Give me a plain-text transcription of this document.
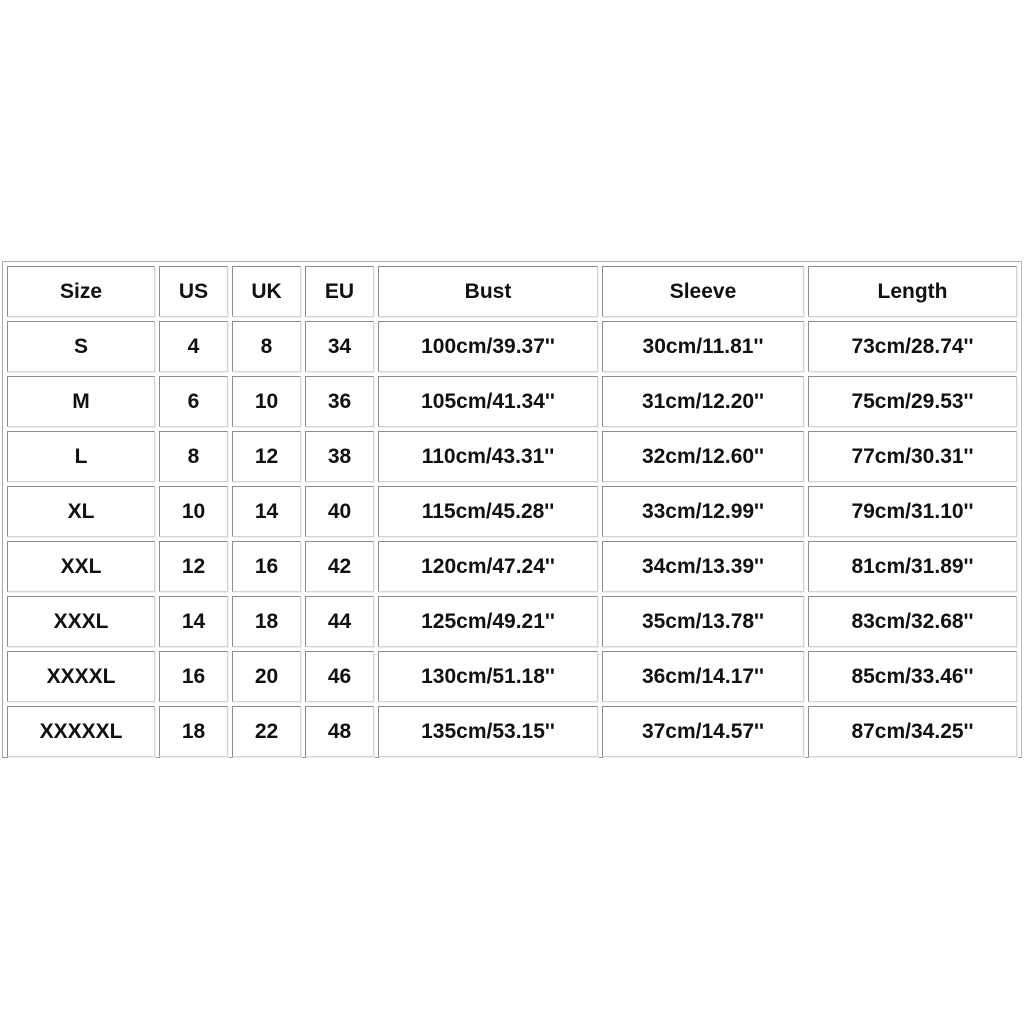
Size	US	UK	EU	Bust	Sleeve	Length
S	4	8	34	100cm/39.37''	30cm/11.81''	73cm/28.74''
M	6	10	36	105cm/41.34''	31cm/12.20''	75cm/29.53''
L	8	12	38	110cm/43.31''	32cm/12.60''	77cm/30.31''
XL	10	14	40	115cm/45.28''	33cm/12.99''	79cm/31.10''
XXL	12	16	42	120cm/47.24''	34cm/13.39''	81cm/31.89''
XXXL	14	18	44	125cm/49.21''	35cm/13.78''	83cm/32.68''
XXXXL	16	20	46	130cm/51.18''	36cm/14.17''	85cm/33.46''
XXXXXL	18	22	48	135cm/53.15''	37cm/14.57''	87cm/34.25''
